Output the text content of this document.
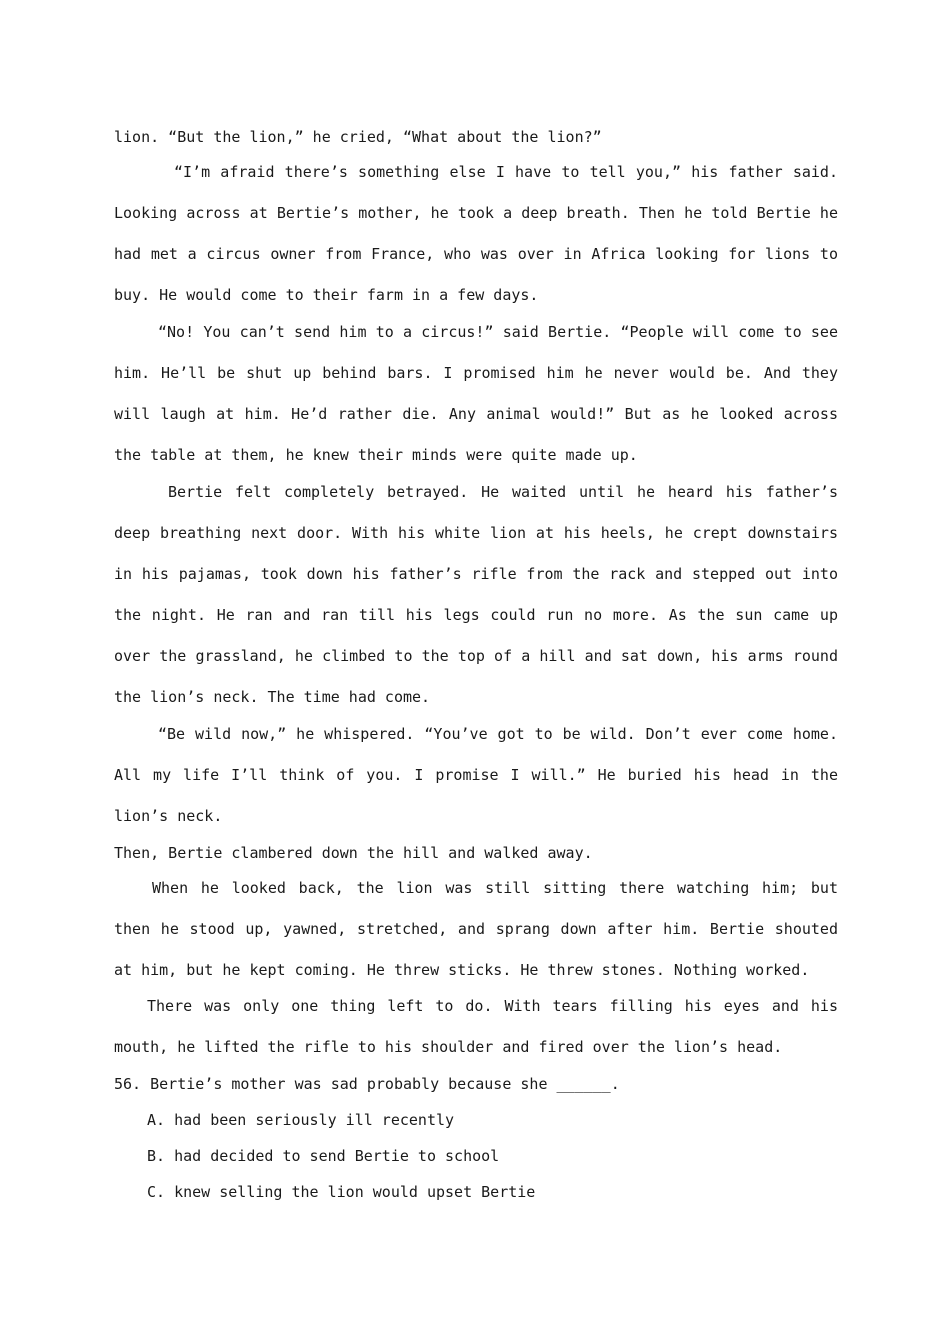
lion. “But the lion,” he cried, “What about the lion?”

“I’m afraid there’s something else I have to tell you,” his father said. Looking across at Bertie’s mother, he took a deep breath. Then he told Bertie he had met a circus owner from France, who was over in Africa looking for lions to buy. He would come to their farm in a few days.

“No! You can’t send him to a circus!” said Bertie. “People will come to see him. He’ll be shut up behind bars. I promised him he never would be. And they will laugh at him. He’d rather die. Any animal would!” But as he looked across the table at them, he knew their minds were quite made up.

Bertie felt completely betrayed. He waited until he heard his father’s deep breathing next door. With his white lion at his heels, he crept downstairs in his pajamas, took down his father’s rifle from the rack and stepped out into the night. He ran and ran till his legs could run no more. As the sun came up over the grassland, he climbed to the top of a hill and sat down, his arms round the lion’s neck. The time had come.

“Be wild now,” he whispered. “You’ve got to be wild. Don’t ever come home. All my life I’ll think of you. I promise I will.” He buried his head in the lion’s neck.

Then, Bertie clambered down the hill and walked away.

When he looked back, the lion was still sitting there watching him; but then he stood up, yawned, stretched, and sprang down after him. Bertie shouted at him, but he kept coming. He threw sticks. He threw stones. Nothing worked.

There was only one thing left to do. With tears filling his eyes and his mouth, he lifted the rifle to his shoulder and fired over the lion’s head.

56. Bertie’s mother was sad probably because she ______.
A. had been seriously ill recently
B. had decided to send Bertie to school
C. knew selling the lion would upset Bertie
